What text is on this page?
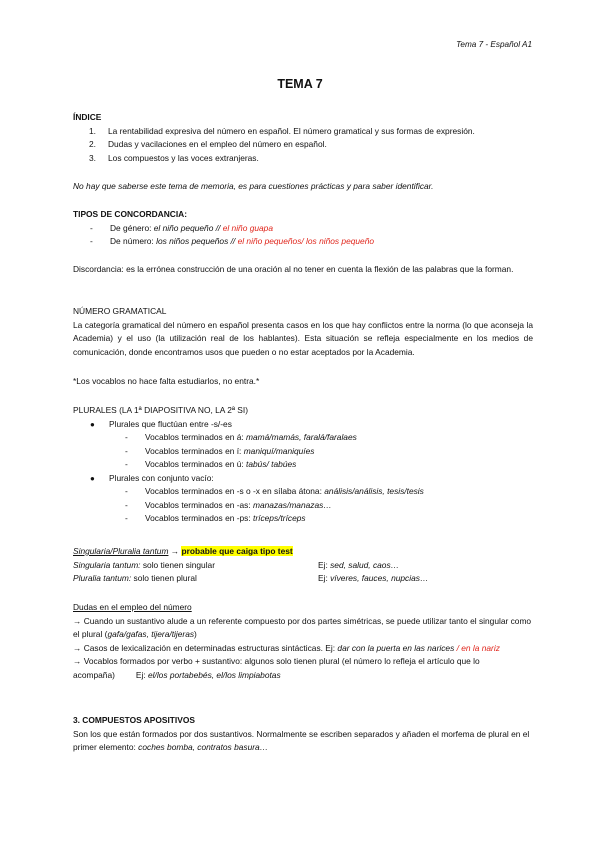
Tema 7 - Español A1
TEMA 7
ÍNDICE
1. La rentabilidad expresiva del número en español. El número gramatical y sus formas de expresión.
2. Dudas y vacilaciones en el empleo del número en español.
3. Los compuestos y las voces extranjeras.
No hay que saberse este tema de memoria, es para cuestiones prácticas y para saber identificar.
TIPOS DE CONCORDANCIA:
- De género: el niño pequeño // el niño guapa
- De número: los niños pequeños // el niño pequeños/ los niños pequeño
Discordancia: es la errónea construcción de una oración al no tener en cuenta la flexión de las palabras que la forman.
NÚMERO GRAMATICAL
La categoría gramatical del número en español presenta casos en los que hay conflictos entre la norma (lo que aconseja la Academia) y el uso (la utilización real de los hablantes). Esta situación se refleja especialmente en los medios de comunicación, donde encontramos usos que pueden o no estar aceptados por la Academia.
*Los vocablos no hace falta estudiarlos, no entra.*
PLURALES (LA 1ª DIAPOSITIVA NO, LA 2ª SI)
● Plurales que fluctúan entre -s/-es
- Vocablos terminados en á: mamá/mamás, faralá/faralaes
- Vocablos terminados en í: maniquí/maniquíes
- Vocablos terminados en ú: tabús/ tabúes
● Plurales con conjunto vacío:
- Vocablos terminados en -s o -x en sílaba átona: análisis/análisis, tesis/tesis
- Vocablos terminados en -as: manazas/manazas…
- Vocablos terminados en -ps: tríceps/tríceps
Singularia/Pluralia tantum → probable que caiga tipo test
Singularia tantum: solo tienen singular	Ej: sed, salud, caos…
Pluralia tantum: solo tienen plural	Ej: víveres, fauces, nupcias…
Dudas en el empleo del número
→ Cuando un sustantivo alude a un referente compuesto por dos partes simétricas, se puede utilizar tanto el singular como el plural (gafa/gafas, tijera/tijeras)
→ Casos de lexicalización en determinadas estructuras sintácticas. Ej: dar con la puerta en las narices / en la nariz
→ Vocablos formados por verbo + sustantivo: algunos solo tienen plural (el número lo refleja el artículo que lo acompaña) Ej: el/los portabebés, el/los limpiabotas
3. COMPUESTOS APOSITIVOS
Son los que están formados por dos sustantivos. Normalmente se escriben separados y añaden el morfema de plural en el primer elemento: coches bomba, contratos basura…
